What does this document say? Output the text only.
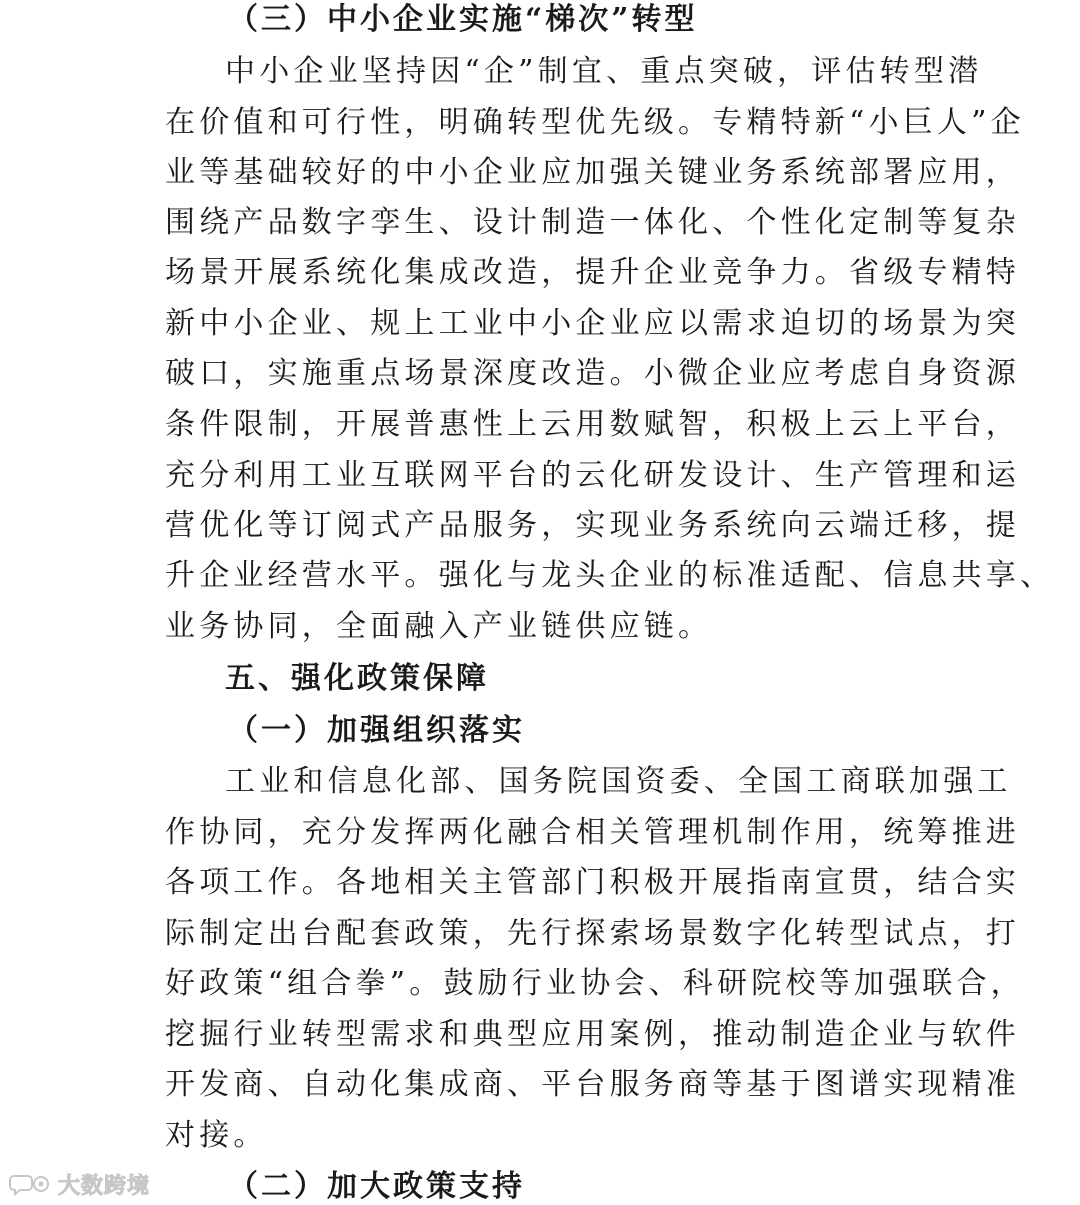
（三）中小企业实施“梯次”转型
中小企业坚持因“企”制宜、重点突破，评估转型潜
在价值和可行性，明确转型优先级。专精特新“小巨人”企
业等基础较好的中小企业应加强关键业务系统部署应用，
围绕产品数字孪生、设计制造一体化、个性化定制等复杂
场景开展系统化集成改造，提升企业竞争力。省级专精特
新中小企业、规上工业中小企业应以需求迫切的场景为突
破口，实施重点场景深度改造。小微企业应考虑自身资源
条件限制，开展普惠性上云用数赋智，积极上云上平台，
充分利用工业互联网平台的云化研发设计、生产管理和运
营优化等订阅式产品服务，实现业务系统向云端迁移，提
升企业经营水平。强化与龙头企业的标准适配、信息共享、
业务协同，全面融入产业链供应链。
五、强化政策保障
（一）加强组织落实
工业和信息化部、国务院国资委、全国工商联加强工
作协同，充分发挥两化融合相关管理机制作用，统筹推进
各项工作。各地相关主管部门积极开展指南宣贯，结合实
际制定出台配套政策，先行探索场景数字化转型试点，打
好政策“组合拳”。鼓励行业协会、科研院校等加强联合，
挖掘行业转型需求和典型应用案例，推动制造企业与软件
开发商、自动化集成商、平台服务商等基于图谱实现精准
对接。
（二）加大政策支持
大数跨境
